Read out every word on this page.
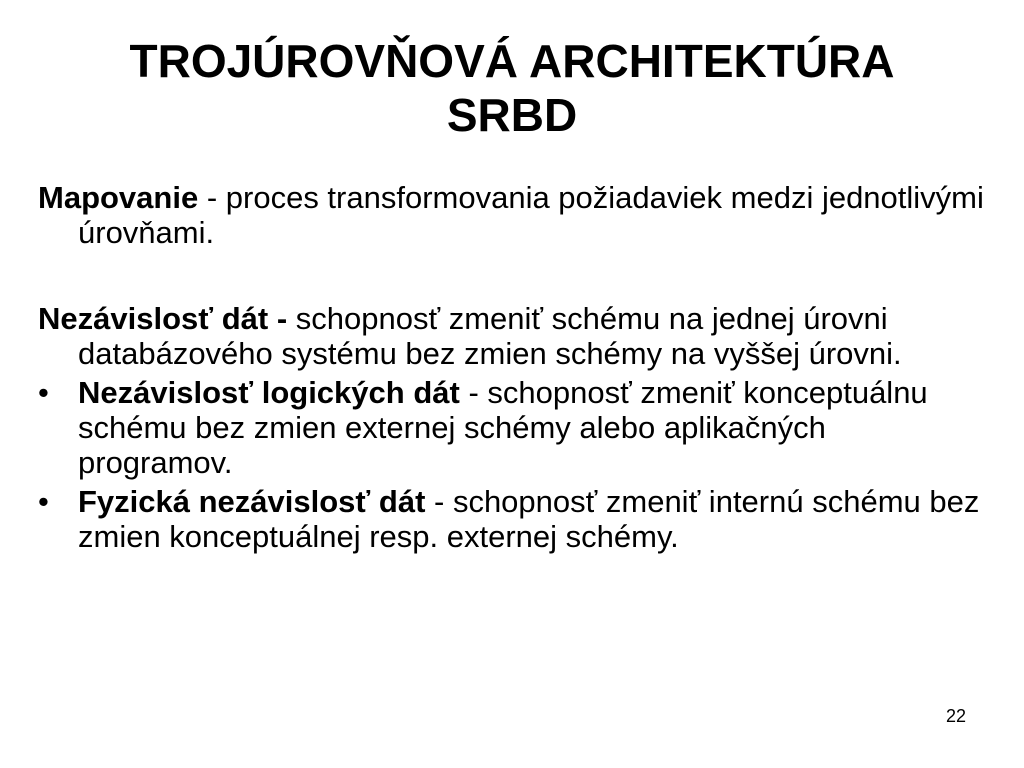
TROJÚROVŇOVÁ ARCHITEKTÚRA
SRBD

Mapovanie - proces transformovania požiadaviek medzi jednotlivými úrovňami.

Nezávislosť dát - schopnosť zmeniť schému na jednej úrovni databázového systému bez zmien schémy na vyššej úrovni.

• Nezávislosť logických dát - schopnosť zmeniť konceptuálnu schému bez zmien externej schémy alebo aplikačných programov.
• Fyzická nezávislosť dát - schopnosť zmeniť internú schému bez zmien konceptuálnej resp. externej schémy.
22
